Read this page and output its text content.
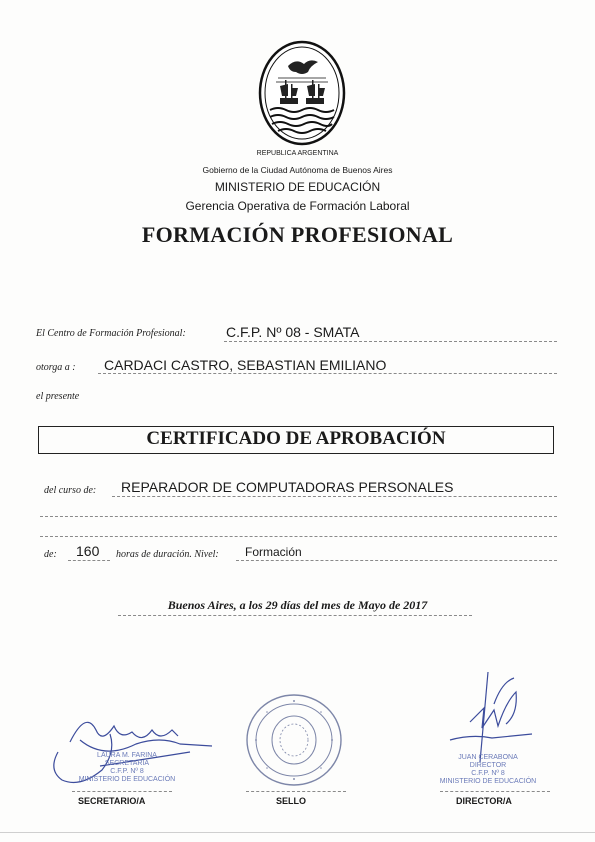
REPUBLICA ARGENTINA
Gobierno de la Ciudad Autónoma de Buenos Aires
MINISTERIO DE EDUCACIÓN
Gerencia Operativa de Formación Laboral
FORMACIÓN PROFESIONAL
El Centro de Formación Profesional:	C.F.P. Nº 08 - SMATA
otorga a : CARDACI CASTRO, SEBASTIAN EMILIANO
el presente
CERTIFICADO DE APROBACIÓN
del curso de: REPARADOR DE COMPUTADORAS PERSONALES
de: 160 horas de duración. Nivel: Formación
Buenos Aires, a los 29 días del mes de Mayo de 2017
LAURA M. FARINA
SECRETARIA
C.F.P. Nº 8
MINISTERIO DE EDUCACIÓN
SECRETARIO/A	SELLO
JUAN CERABONA
DIRECTOR
C.F.P. Nº 8
MINISTERIO DE EDUCACIÓN
DIRECTOR/A
